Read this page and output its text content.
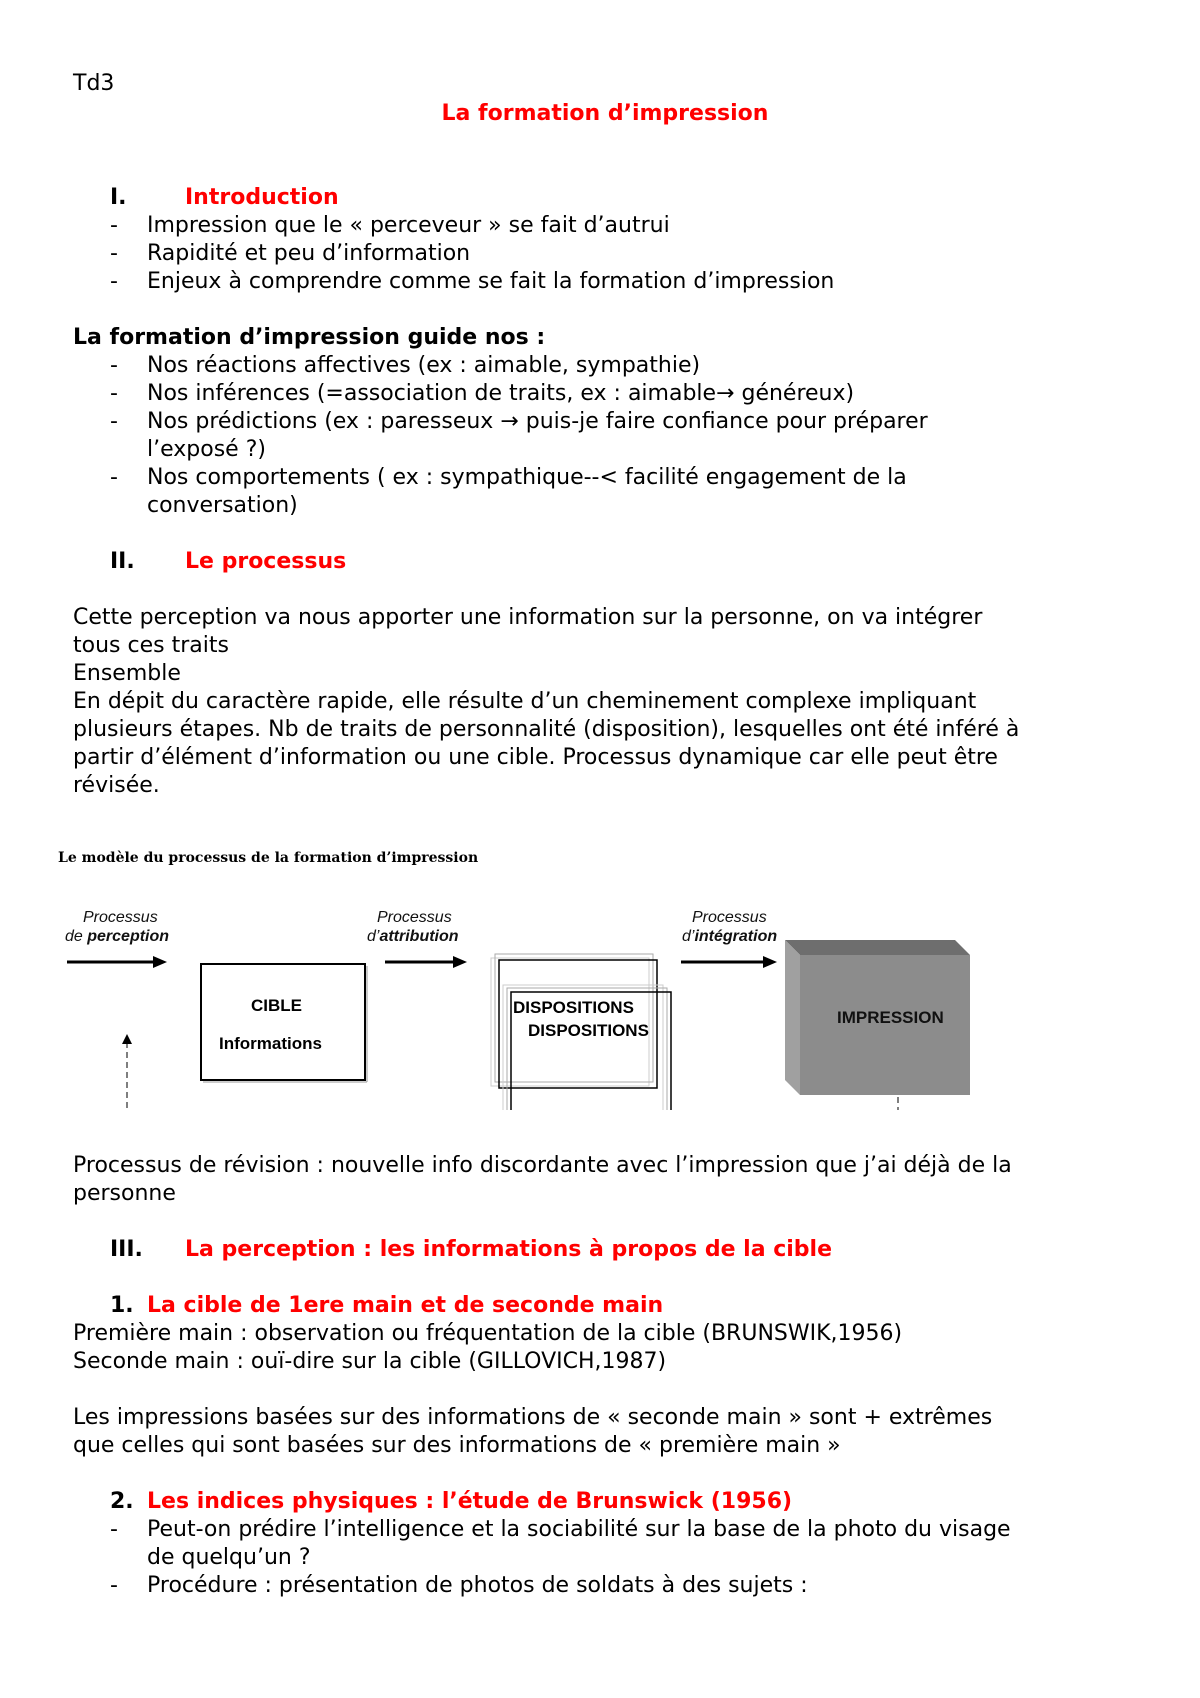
Td3
La formation d’impression
I.	Introduction
- Impression que le « perceveur » se fait d’autrui
- Rapidité et peu d’information
- Enjeux à comprendre comme se fait la formation d’impression
La formation d’impression guide nos :
- Nos réactions affectives (ex : aimable, sympathie)
- Nos inférences (=association de traits, ex : aimable→ généreux)
- Nos prédictions (ex : paresseux → puis-je faire confiance pour préparer
l’exposé ?)
- Nos comportements ( ex : sympathique--< facilité engagement de la
conversation)
II. Le processus
Cette perception va nous apporter une information sur la personne, on va intégrer
tous ces traits
Ensemble
En dépit du caractère rapide, elle résulte d’un cheminement complexe impliquant
plusieurs étapes. Nb de traits de personnalité (disposition), lesquelles ont été inféré à
partir d’élément d’information ou une cible. Processus dynamique car elle peut être
révisée.
Le modèle du processus de la formation d’impression
Processus
de perception
Processus
d’attribution
Processus
d’intégration
CIBLE
Informations
DISPOSITIONS
DISPOSITIONS
IMPRESSION
Processus de révision : nouvelle info discordante avec l’impression que j’ai déjà de la
personne
III. La perception : les informations à propos de la cible
1. La cible de 1ere main et de seconde main
Première main : observation ou fréquentation de la cible (BRUNSWIK,1956)
Seconde main : ouï-dire sur la cible (GILLOVICH,1987)
Les impressions basées sur des informations de « seconde main » sont + extrêmes
que celles qui sont basées sur des informations de « première main »
2. Les indices physiques : l’étude de Brunswick (1956)
- Peut-on prédire l’intelligence et la sociabilité sur la base de la photo du visage
de quelqu’un ?
- Procédure : présentation de photos de soldats à des sujets :
